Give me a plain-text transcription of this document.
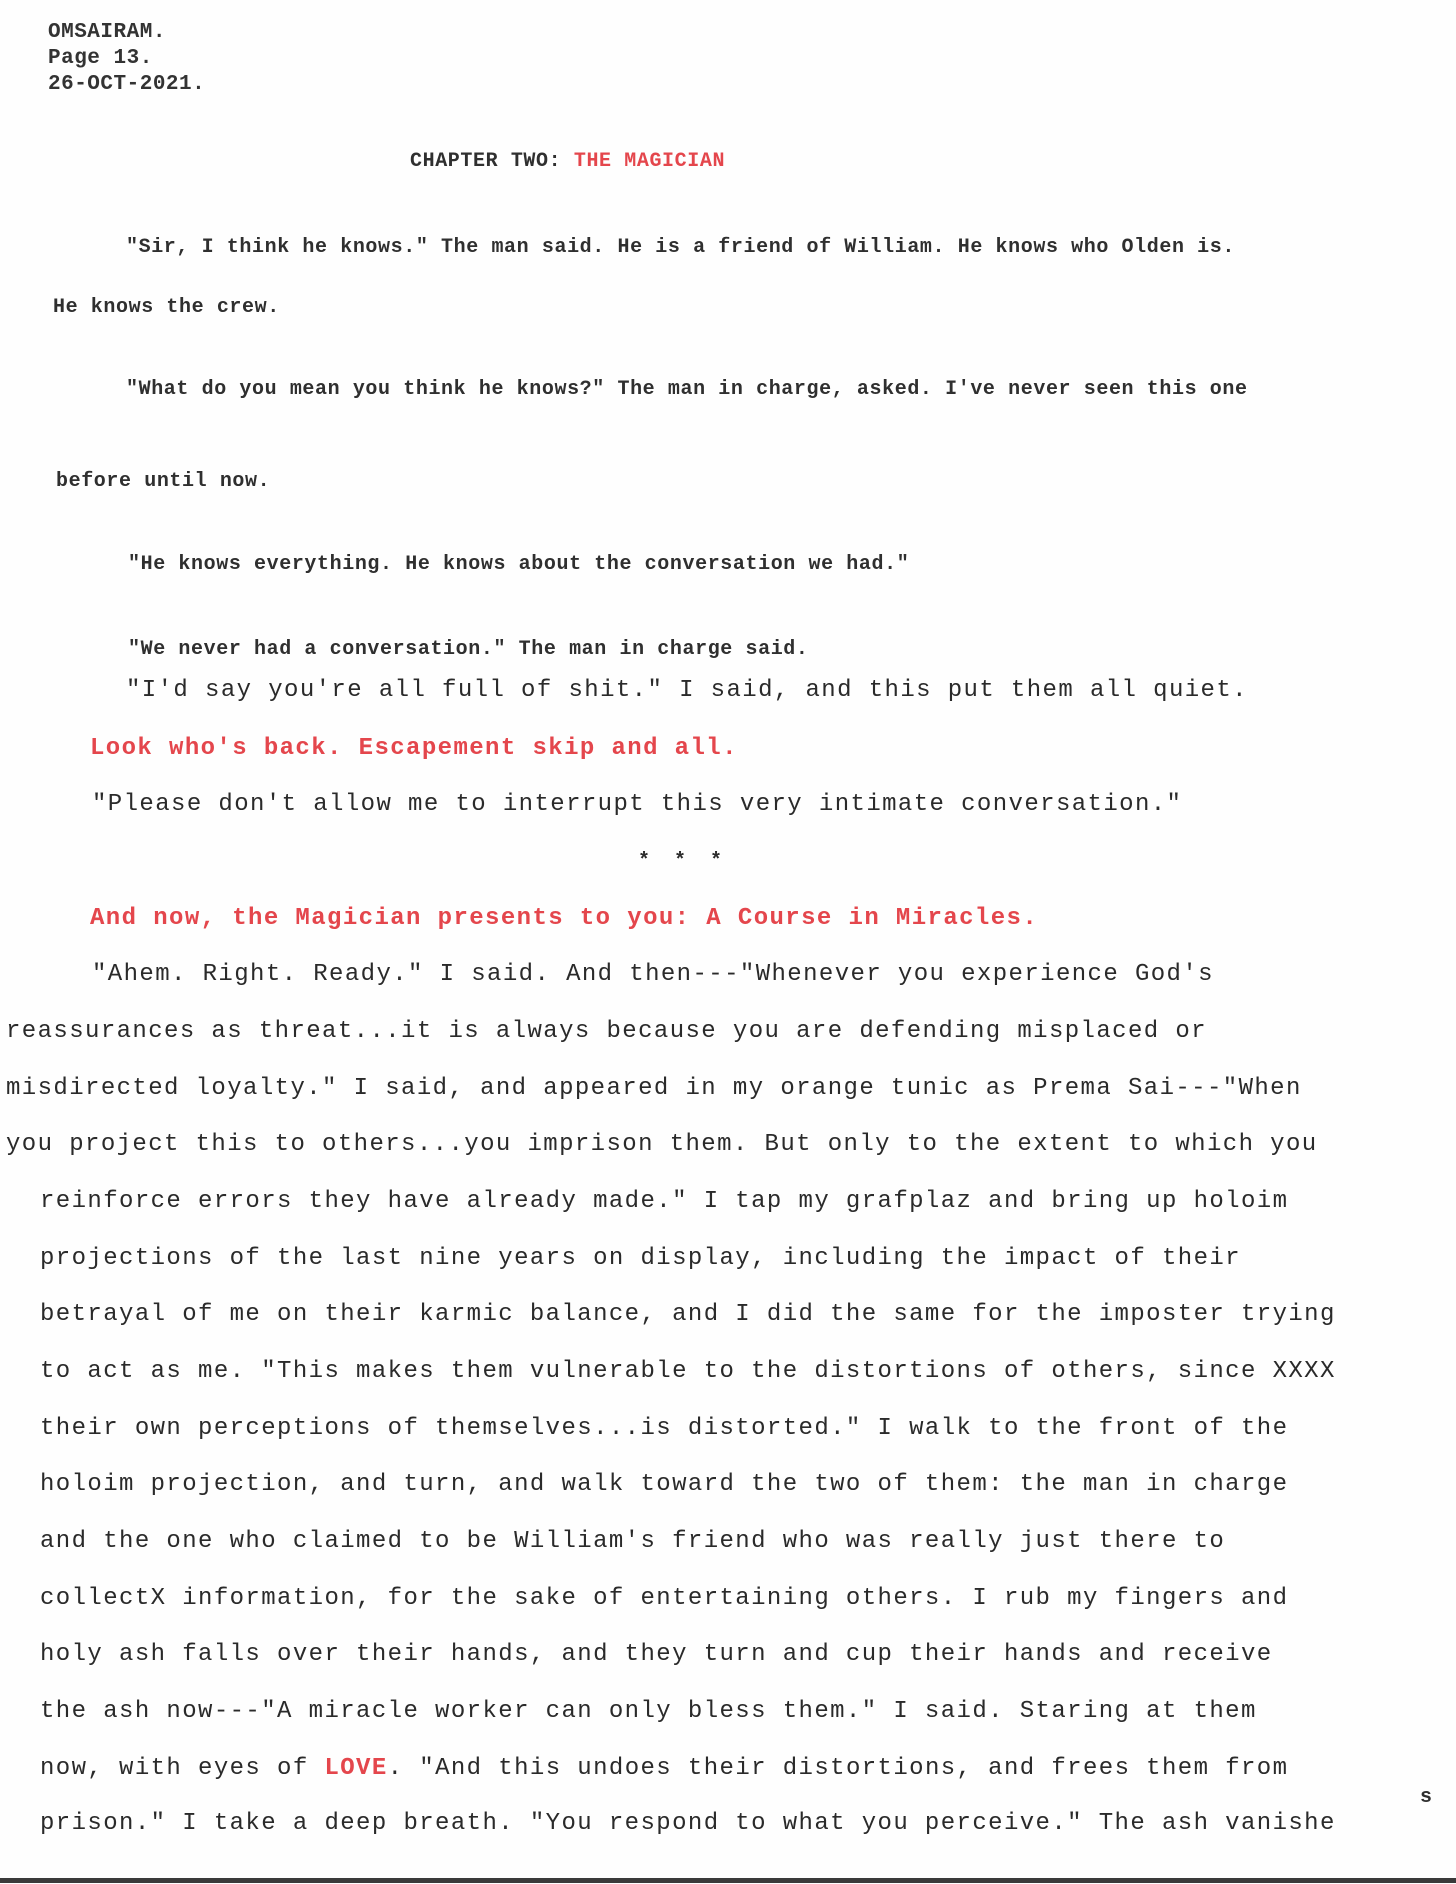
OMSAIRAM.
Page 13.
26-OCT-2021.
CHAPTER TWO: THE MAGICIAN
"Sir, I think he knows." The man said. He is a friend of William. He knows who Olden is.
He knows the crew.
"What do you mean you think he knows?" The man in charge, asked. I've never seen this one
before until now.
"He knows everything. He knows about the conversation we had."
"We never had a conversation." The man in charge said.
"I'd say you're all full of shit." I said, and this put them all quiet.
Look who's back. Escapement skip and all.
"Please don't allow me to interrupt this very intimate conversation."
* * *
And now, the Magician presents to you: A Course in Miracles.
"Ahem. Right. Ready." I said. And then---"Whenever you experience God's
reassurances as threat...it is always because you are defending misplaced or
misdirected loyalty." I said, and appeared in my orange tunic as Prema Sai---"When
you project this to others...you imprison them. But only to the extent to which you
reinforce errors they have already made." I tap my grafplaz and bring up holoim
projections of the last nine years on display, including the impact of their
betrayal of me on their karmic balance, and I did the same for the imposter trying
to act as me. "This makes them vulnerable to the distortions of others, since XXXX
their own perceptions of themselves...is distorted." I walk to the front of the
holoim projection, and turn, and walk toward the two of them: the man in charge
and the one who claimed to be William's friend who was really just there to
collectX information, for the sake of entertaining others. I rub my fingers and
holy ash falls over their hands, and they turn and cup their hands and receive
the ash now---"A miracle worker can only bless them." I said. Staring at them
now, with eyes of LOVE. "And this undoes their distortions, and frees them from
s
prison." I take a deep breath. "You respond to what you perceive." The ash vanishe
